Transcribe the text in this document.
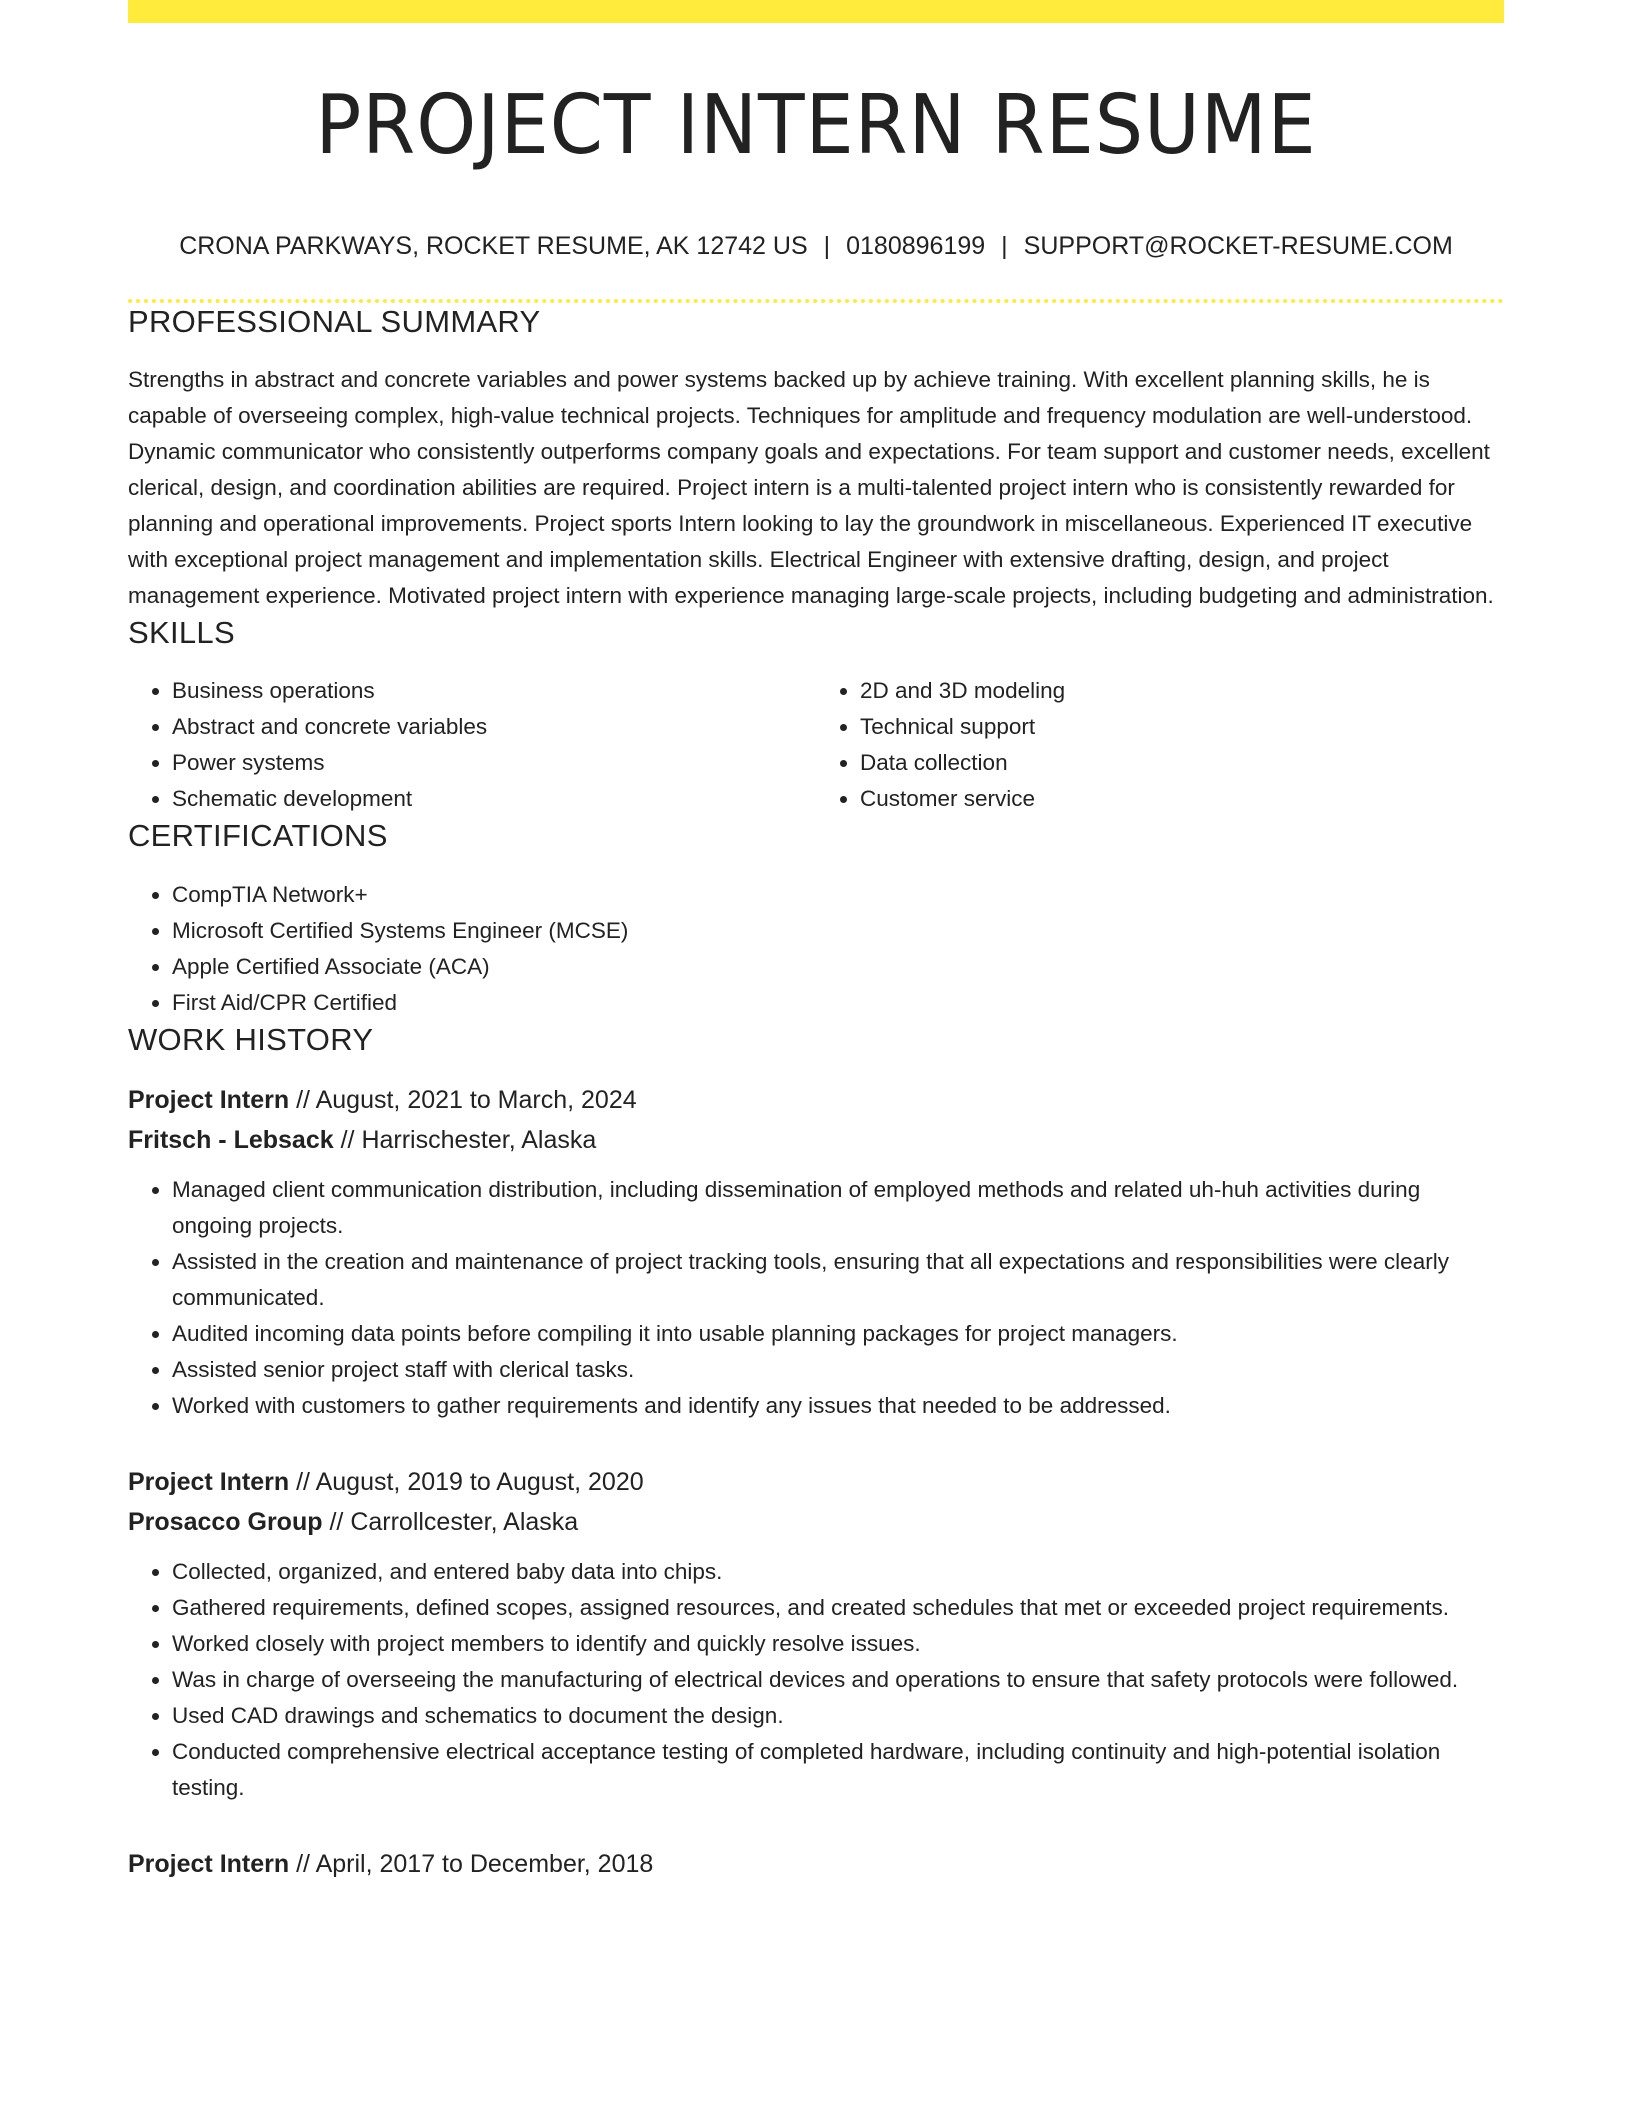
PROJECT INTERN RESUME
CRONA PARKWAYS, ROCKET RESUME, AK 12742 US | 0180896199 | SUPPORT@ROCKET-RESUME.COM
PROFESSIONAL SUMMARY
Strengths in abstract and concrete variables and power systems backed up by achieve training. With excellent planning skills, he is capable of overseeing complex, high-value technical projects. Techniques for amplitude and frequency modulation are well-understood. Dynamic communicator who consistently outperforms company goals and expectations. For team support and customer needs, excellent clerical, design, and coordination abilities are required. Project intern is a multi-talented project intern who is consistently rewarded for planning and operational improvements. Project sports Intern looking to lay the groundwork in miscellaneous. Experienced IT executive with exceptional project management and implementation skills. Electrical Engineer with extensive drafting, design, and project management experience. Motivated project intern with experience managing large-scale projects, including budgeting and administration.
SKILLS
• Business operations
• Abstract and concrete variables
• Power systems
• Schematic development
• 2D and 3D modeling
• Technical support
• Data collection
• Customer service
CERTIFICATIONS
• CompTIA Network+
• Microsoft Certified Systems Engineer (MCSE)
• Apple Certified Associate (ACA)
• First Aid/CPR Certified
WORK HISTORY
Project Intern // August, 2021 to March, 2024
Fritsch - Lebsack // Harrischester, Alaska
• Managed client communication distribution, including dissemination of employed methods and related uh-huh activities during ongoing projects.
• Assisted in the creation and maintenance of project tracking tools, ensuring that all expectations and responsibilities were clearly communicated.
• Audited incoming data points before compiling it into usable planning packages for project managers.
• Assisted senior project staff with clerical tasks.
• Worked with customers to gather requirements and identify any issues that needed to be addressed.
Project Intern // August, 2019 to August, 2020
Prosacco Group // Carrollcester, Alaska
• Collected, organized, and entered baby data into chips.
• Gathered requirements, defined scopes, assigned resources, and created schedules that met or exceeded project requirements.
• Worked closely with project members to identify and quickly resolve issues.
• Was in charge of overseeing the manufacturing of electrical devices and operations to ensure that safety protocols were followed.
• Used CAD drawings and schematics to document the design.
• Conducted comprehensive electrical acceptance testing of completed hardware, including continuity and high-potential isolation testing.
Project Intern // April, 2017 to December, 2018
